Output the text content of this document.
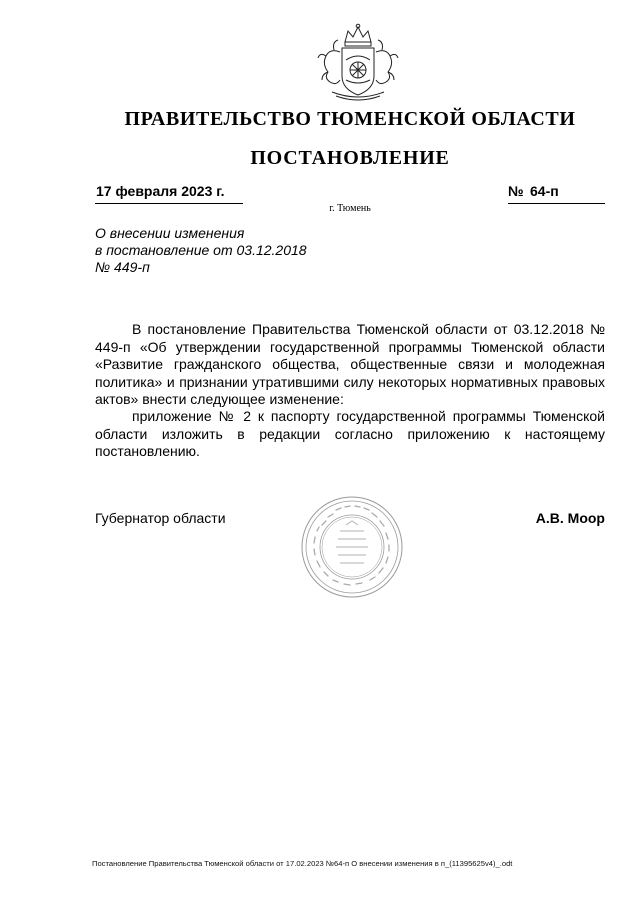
ПРАВИТЕЛЬСТВО ТЮМЕНСКОЙ ОБЛАСТИ
ПОСТАНОВЛЕНИЕ
17 февраля 2023 г.	№ 64-п
г. Тюмень
О внесении изменения
в постановление от 03.12.2018
№ 449-п
В постановление Правительства Тюменской области от 03.12.2018 № 449-п «Об утверждении государственной программы Тюменской области «Развитие гражданского общества, общественные связи и молодежная политика» и признании утратившими силу некоторых нормативных правовых актов» внести следующее изменение:
приложение № 2 к паспорту государственной программы Тюменской области изложить в редакции согласно приложению к настоящему постановлению.
Губернатор области	А.В. Моор
Постановление Правительства Тюменской области от 17.02.2023 №64-п О внесении изменения в п_(11395625v4)_.odt
